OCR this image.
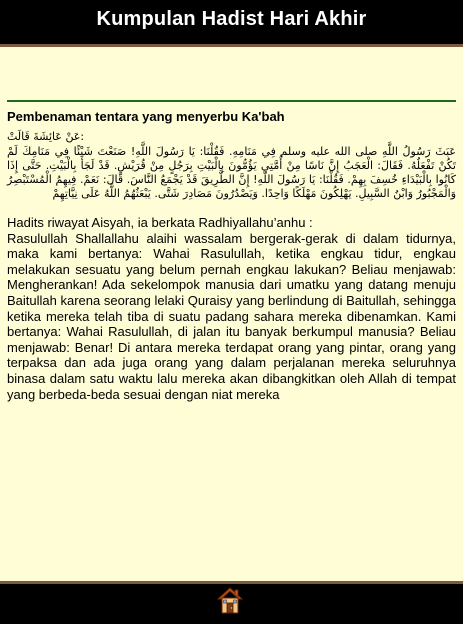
Kumpulan Hadist Hari Akhir
Pembenaman tentara yang menyerbu Ka'bah
عَنْ عَائِشَةَ قَالَتْ:
عَبَثَ رَسُولُ اللَّهِ صلى الله عليه وسلم فِي مَنَامِهِ. فَقُلْنَا: يَا رَسُولَ اللَّهِ! صَنَعْتَ شَيْئًا فِي مَنَامِكَ لَمْ تَكُنْ تَفْعَلُهُ. فَقَالَ: الْعَجَبُ إِنَّ نَاسًا مِنْ أُمَّتِي يَؤُمُّونَ بِالْبَيْتِ بِرَجُلٍ مِنْ قُرَيْشٍ. قَدْ لَجَأَ بِالْبَيْتِ. حَتَّى إِذَا كَانُوا بِالْبَيْدَاءِ خُسِفَ بِهِمْ. فَقُلْنَا: يَا رَسُولَ اللَّهِ! إِنَّ الطَّرِيقَ قَدْ يَجْمَعُ النَّاسَ. قَالَ: نَعَمْ. فِيهِمُ الْمُسْتَبْصِرُ وَالْمَجْبُورُ وَابْنُ السَّبِيلِ. يَهْلِكُونَ مَهْلَكًا وَاحِدًا. وَيَصْدُرُونَ مَصَادِرَ شَتَّى. يَبْعَثُهُمُ اللَّهُ عَلَى نِيَّاتِهِمْ

Hadits riwayat Aisyah, ia berkata Radhiyallahu’anhu :

Rasulullah Shallallahu alaihi wassalam bergerak-gerak di dalam tidurnya, maka kami bertanya: Wahai Rasulullah, ketika engkau tidur, engkau melakukan sesuatu yang belum pernah engkau lakukan? Beliau menjawab: Mengherankan! Ada sekelompok manusia dari umatku yang datang menuju Baitullah karena seorang lelaki Quraisy yang berlindung di Baitullah, sehingga ketika mereka telah tiba di suatu padang sahara mereka dibenamkan. Kami bertanya: Wahai Rasulullah, di jalan itu banyak berkumpul manusia? Beliau menjawab: Benar! Di antara mereka terdapat orang yang pintar, orang yang terpaksa dan ada juga orang yang dalam perjalanan mereka seluruhnya binasa dalam satu waktu lalu mereka akan dibangkitkan oleh Allah di tempat yang berbeda-beda sesuai dengan niat mereka
